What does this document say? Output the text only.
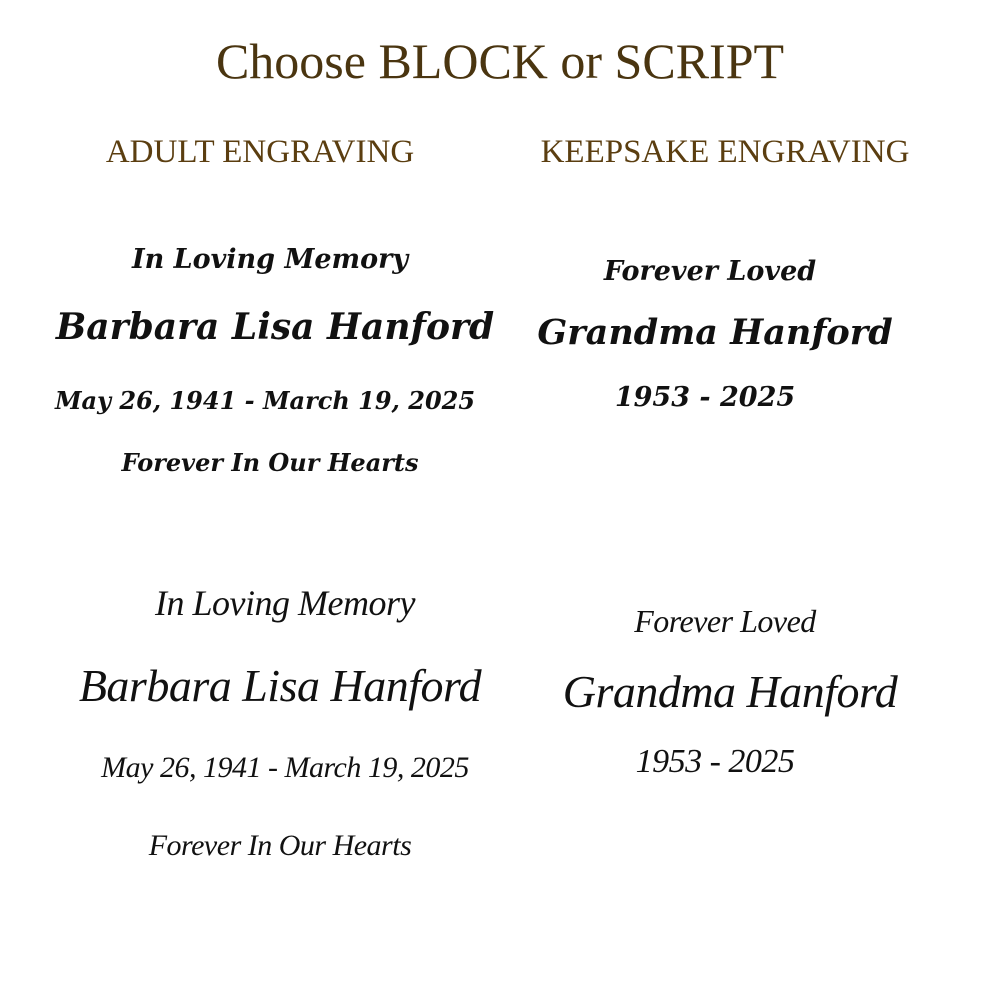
Choose BLOCK or SCRIPT
ADULT ENGRAVING	KEEPSAKE ENGRAVING
In Loving Memory
Barbara Lisa Hanford
May 26, 1941 - March 19, 2025
Forever In Our Hearts
Forever Loved
Grandma Hanford
1953 - 2025
In Loving Memory
Barbara Lisa Hanford
May 26, 1941 - March 19, 2025
Forever In Our Hearts
Forever Loved
Grandma Hanford
1953 - 2025
